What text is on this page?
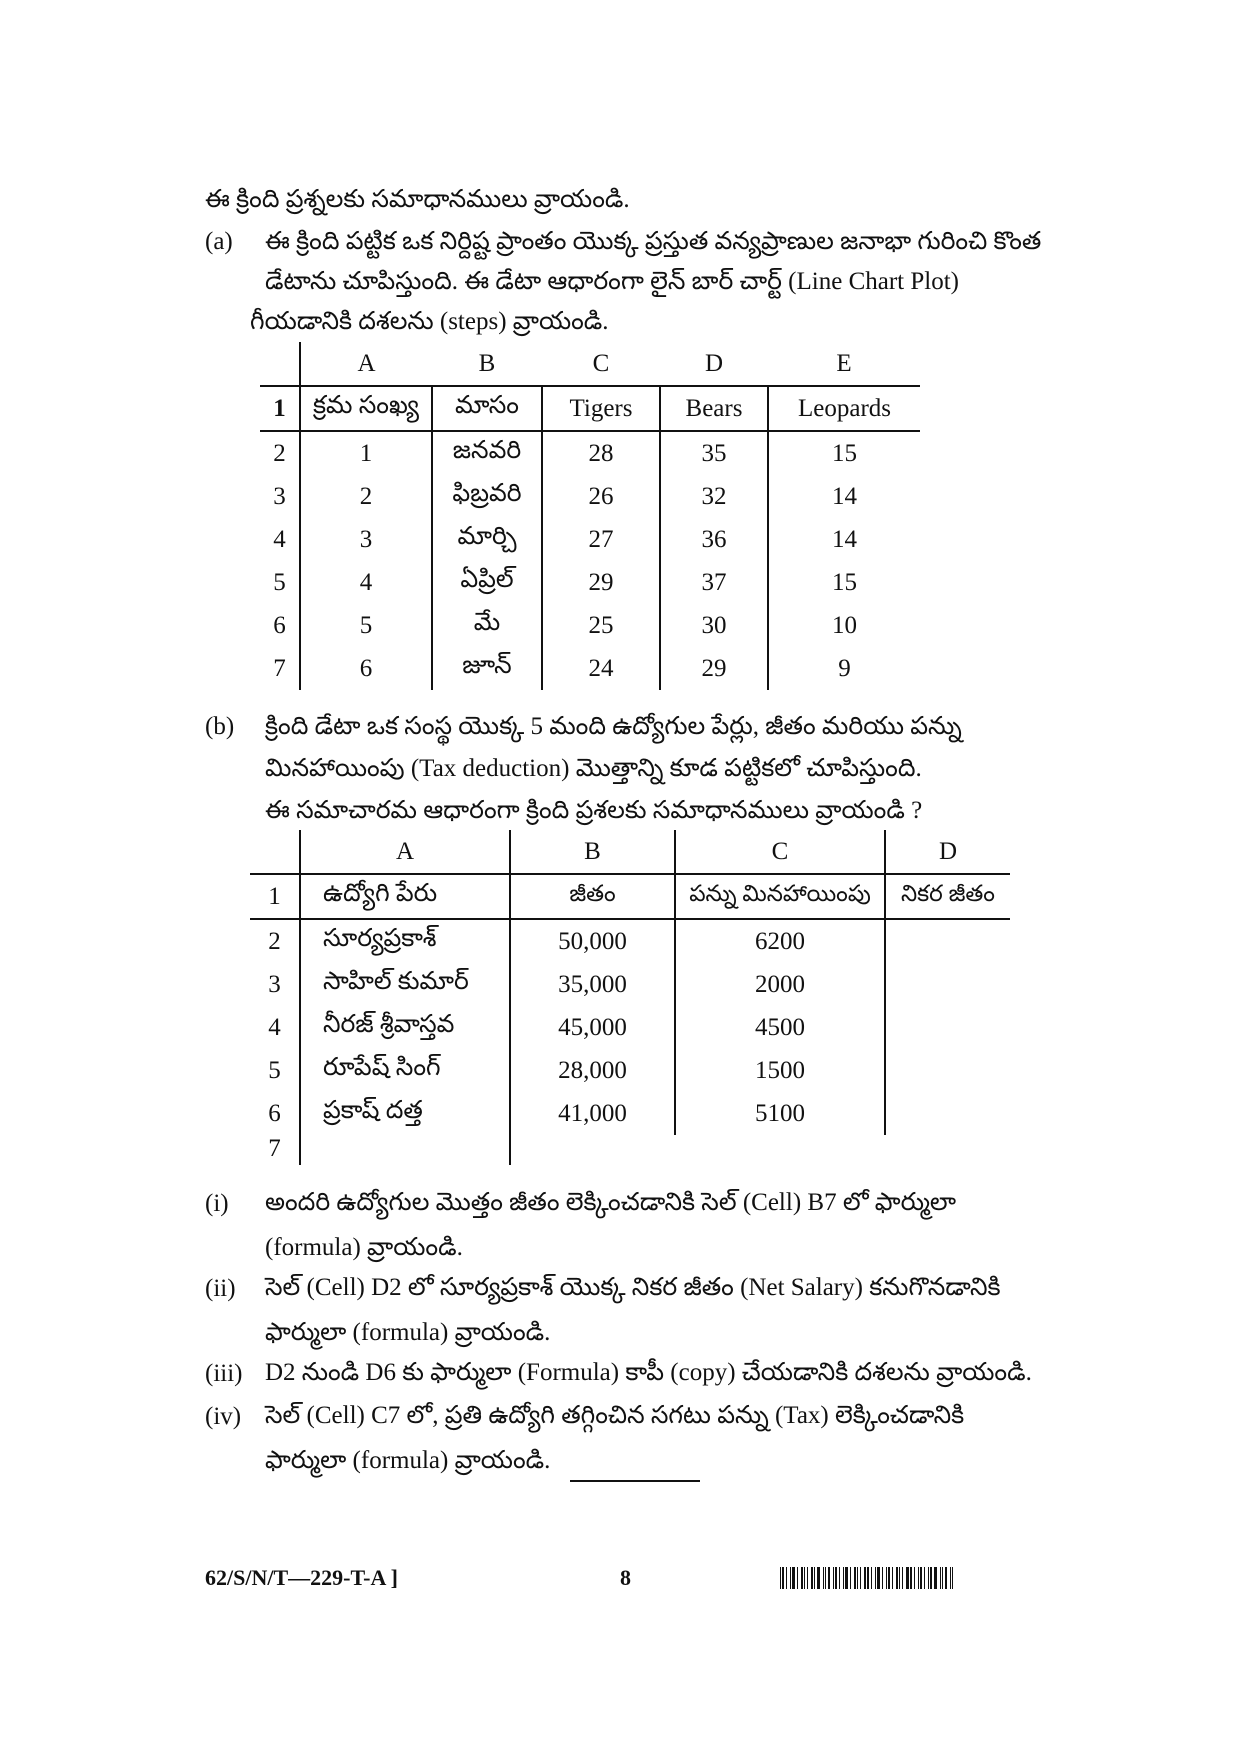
ఈ క్రింది ప్రశ్నలకు సమాధానములు వ్రాయండి.
(a) ఈ క్రింది పట్టిక ఒక నిర్దిష్ట ప్రాంతం యొక్క ప్రస్తుత వన్యప్రాణుల జనాభా గురించి కొంత
డేటాను చూపిస్తుంది. ఈ డేటా ఆధారంగా లైన్ బార్ చార్ట్ (Line Chart Plot)
గీయడానికి దశలను (steps) వ్రాయండి.
	A	B	C	D	E
1	క్రమ సంఖ్య	మాసం	Tigers	Bears	Leopards
2	1	జనవరి	28	35	15
3	2	ఫిబ్రవరి	26	32	14
4	3	మార్చి	27	36	14
5	4	ఏప్రిల్	29	37	15
6	5	మే	25	30	10
7	6	జూన్	24	29	9
(b) క్రింది డేటా ఒక సంస్థ యొక్క 5 మంది ఉద్యోగుల పేర్లు, జీతం మరియు పన్ను
మినహాయింపు (Tax deduction) మొత్తాన్ని కూడ పట్టికలో చూపిస్తుంది.
ఈ సమాచారమ ఆధారంగా క్రింది ప్రశలకు సమాధానములు వ్రాయండి ?
	A	B	C	D
1	ఉద్యోగి పేరు	జీతం	పన్ను మినహాయింపు	నికర జీతం
2	సూర్యప్రకాశ్	50,000	6200	
3	సాహిల్ కుమార్	35,000	2000	
4	నీరజ్ శ్రీవాస్తవ	45,000	4500	
5	రూపేష్ సింగ్	28,000	1500	
6	ప్రకాష్ దత్త	41,000	5100	
7				
(i) అందరి ఉద్యోగుల మొత్తం జీతం లెక్కించడానికి సెల్ (Cell) B7 లో ఫార్ములా
(formula) వ్రాయండి.
(ii) సెల్ (Cell) D2 లో సూర్యప్రకాశ్ యొక్క నికర జీతం (Net Salary) కనుగొనడానికి
ఫార్ములా (formula) వ్రాయండి.
(iii) D2 నుండి D6 కు ఫార్ములా (Formula) కాపీ (copy) చేయడానికి దశలను వ్రాయండి.
(iv) సెల్ (Cell) C7 లో, ప్రతి ఉద్యోగి తగ్గించిన సగటు పన్ను (Tax) లెక్కించడానికి
ఫార్ములా (formula) వ్రాయండి.
62/S/N/T—229-T-A ]	8
